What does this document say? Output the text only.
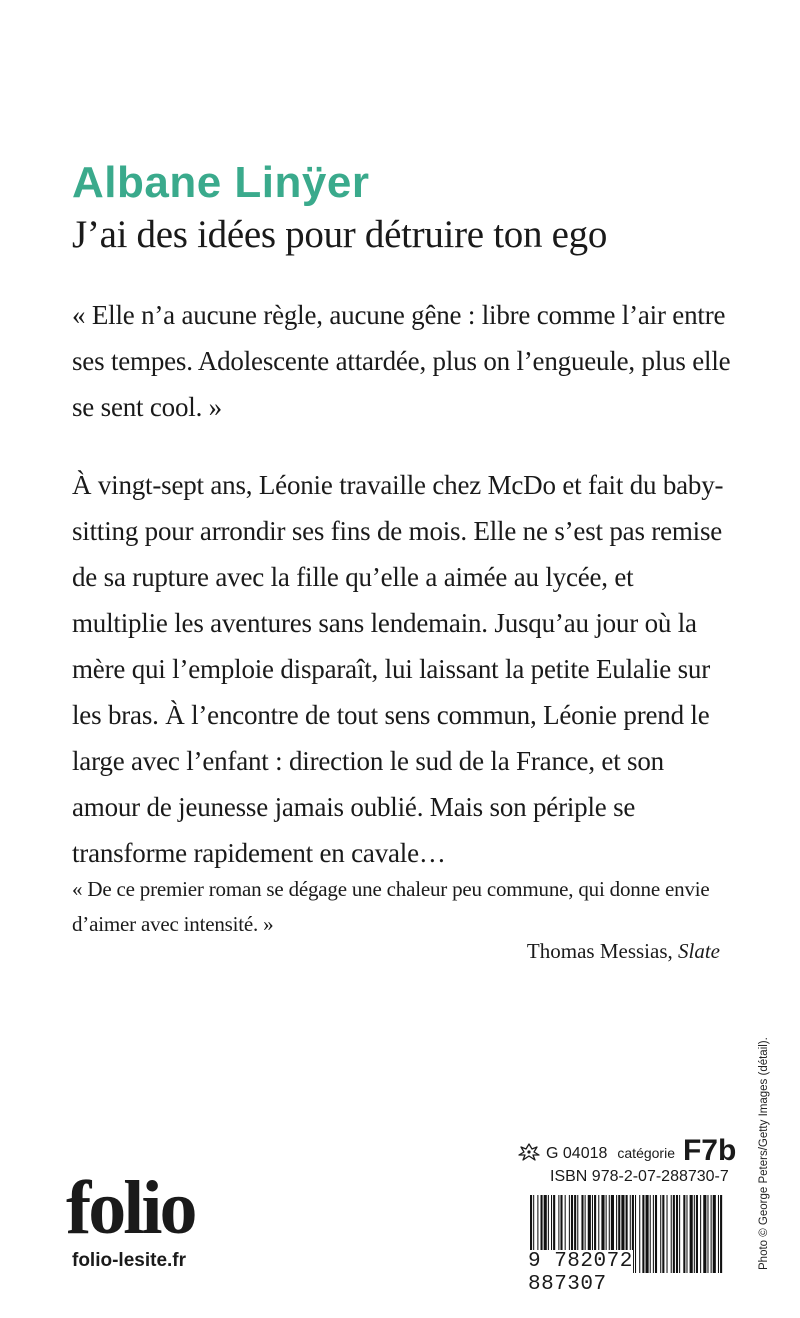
Albane Linÿer
J’ai des idées pour détruire ton ego

« Elle n’a aucune règle, aucune gêne : libre comme l’air entre ses tempes. Adolescente attardée, plus on l’engueule, plus elle se sent cool. »

À vingt-sept ans, Léonie travaille chez McDo et fait du baby-sitting pour arrondir ses fins de mois. Elle ne s’est pas remise de sa rupture avec la fille qu’elle a aimée au lycée, et multiplie les aventures sans lendemain. Jusqu’au jour où la mère qui l’emploie disparaît, lui laissant la petite Eulalie sur les bras. À l’encontre de tout sens commun, Léonie prend le large avec l’enfant : direction le sud de la France, et son amour de jeunesse jamais oublié. Mais son périple se transforme rapidement en cavale…

« De ce premier roman se dégage une chaleur peu commune, qui donne envie d’aimer avec intensité. »

Thomas Messias, Slate

Photo © George Peters/Getty Images (détail).
folio
folio-lesite.fr
G 04018 catégorie F7b
ISBN 978-2-07-288730-7
9 782072 887307
